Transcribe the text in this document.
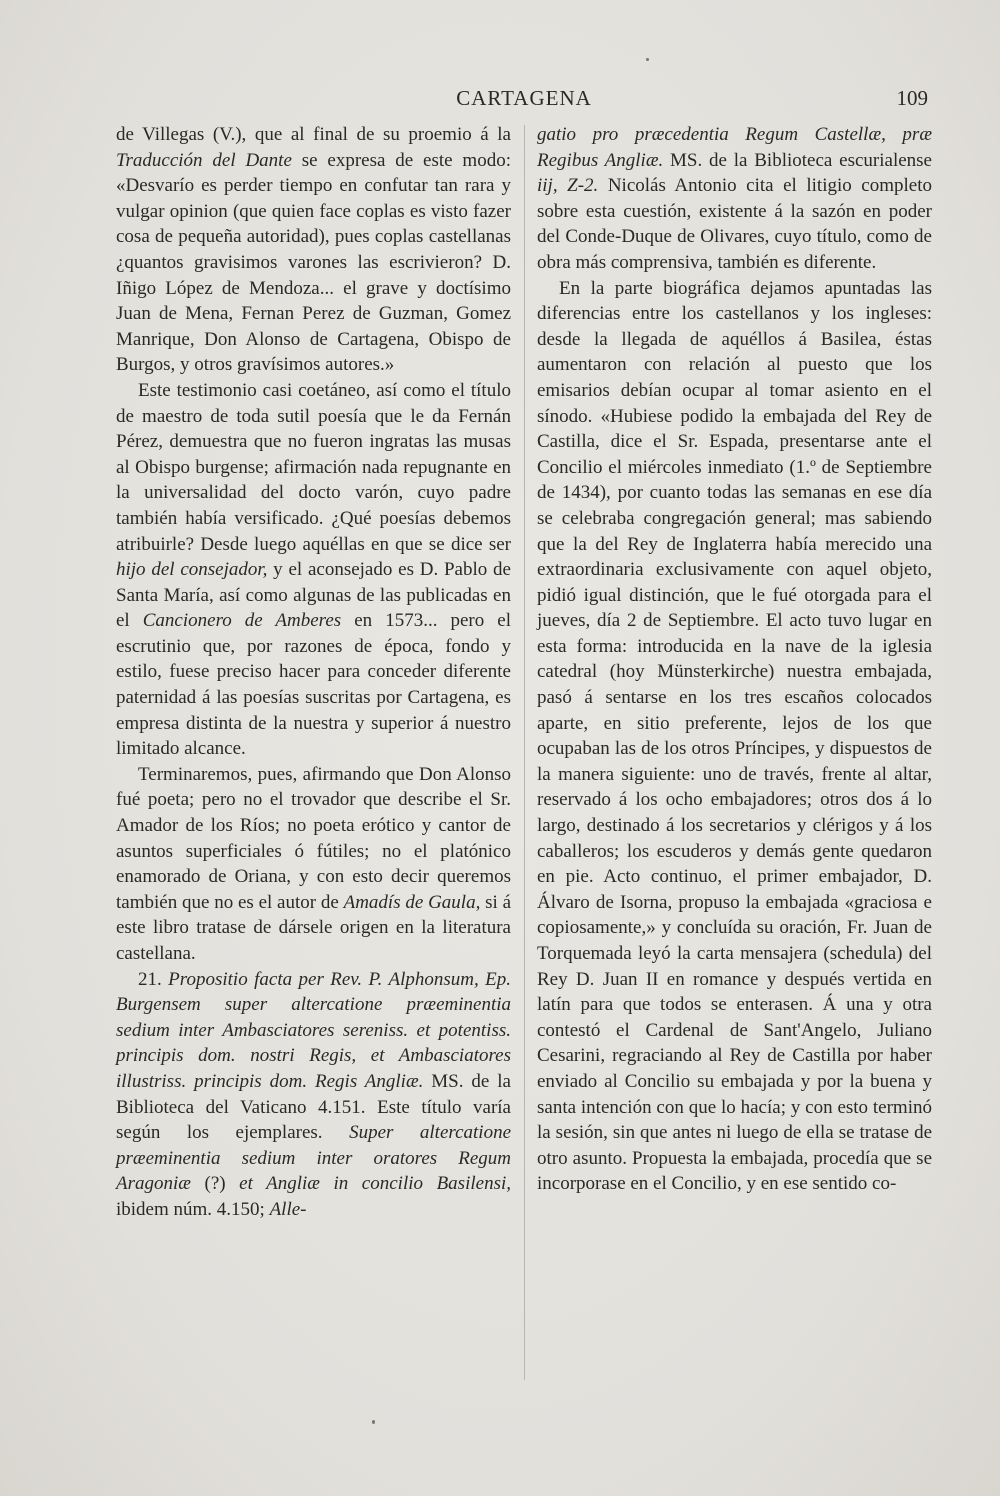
CARTAGENA	109

de Villegas (V.), que al final de su proemio á la Traducción del Dante se expresa de este modo: «Desvarío es perder tiempo en confutar tan rara y vulgar opinion (que quien face coplas es visto fazer cosa de pequeña autoridad), pues coplas castellanas ¿quantos gravisimos varones las escrivieron? D. Iñigo López de Mendoza... el grave y doctísimo Juan de Mena, Fernan Perez de Guzman, Gomez Manrique, Don Alonso de Cartagena, Obispo de Burgos, y otros gravísimos autores.»

Este testimonio casi coetáneo, así como el título de maestro de toda sutil poesía que le da Fernán Pérez, demuestra que no fueron ingratas las musas al Obispo burgense; afirmación nada repugnante en la universalidad del docto varón, cuyo padre también había versificado. ¿Qué poesías debemos atribuirle? Desde luego aquéllas en que se dice ser hijo del consejador, y el aconsejado es D. Pablo de Santa María, así como algunas de las publicadas en el Cancionero de Amberes en 1573... pero el escrutinio que, por razones de época, fondo y estilo, fuese preciso hacer para conceder diferente paternidad á las poesías suscritas por Cartagena, es empresa distinta de la nuestra y superior á nuestro limitado alcance.

Terminaremos, pues, afirmando que Don Alonso fué poeta; pero no el trovador que describe el Sr. Amador de los Ríos; no poeta erótico y cantor de asuntos superficiales ó fútiles; no el platónico enamorado de Oriana, y con esto decir queremos también que no es el autor de Amadís de Gaula, si á este libro tratase de dársele origen en la literatura castellana.

21. Propositio facta per Rev. P. Alphonsum, Ep. Burgensem super altercatione præeminentia sedium inter Ambasciatores sereniss. et potentiss. principis dom. nostri Regis, et Ambasciatores illustriss. principis dom. Regis Angliæ. MS. de la Biblioteca del Vaticano 4.151. Este título varía según los ejemplares. Super altercatione præeminentia sedium inter oratores Regum Aragoniæ (?) et Angliæ in concilio Basilensi, ibidem núm. 4.150; Alle-

gatio pro præcedentia Regum Castellæ, præ Regibus Angliæ. MS. de la Biblioteca escurialense iij, Z-2. Nicolás Antonio cita el litigio completo sobre esta cuestión, existente á la sazón en poder del Conde-Duque de Olivares, cuyo título, como de obra más comprensiva, también es diferente.

En la parte biográfica dejamos apuntadas las diferencias entre los castellanos y los ingleses: desde la llegada de aquéllos á Basilea, éstas aumentaron con relación al puesto que los emisarios debían ocupar al tomar asiento en el sínodo. «Hubiese podido la embajada del Rey de Castilla, dice el Sr. Espada, presentarse ante el Concilio el miércoles inmediato (1.º de Septiembre de 1434), por cuanto todas las semanas en ese día se celebraba congregación general; mas sabiendo que la del Rey de Inglaterra había merecido una extraordinaria exclusivamente con aquel objeto, pidió igual distinción, que le fué otorgada para el jueves, día 2 de Septiembre. El acto tuvo lugar en esta forma: introducida en la nave de la iglesia catedral (hoy Münsterkirche) nuestra embajada, pasó á sentarse en los tres escaños colocados aparte, en sitio preferente, lejos de los que ocupaban las de los otros Príncipes, y dispuestos de la manera siguiente: uno de través, frente al altar, reservado á los ocho embajadores; otros dos á lo largo, destinado á los secretarios y clérigos y á los caballeros; los escuderos y demás gente quedaron en pie. Acto continuo, el primer embajador, D. Álvaro de Isorna, propuso la embajada «graciosa e copiosamente,» y concluída su oración, Fr. Juan de Torquemada leyó la carta mensajera (schedula) del Rey D. Juan II en romance y después vertida en latín para que todos se enterasen. Á una y otra contestó el Cardenal de Sant'Angelo, Juliano Cesarini, regraciando al Rey de Castilla por haber enviado al Concilio su embajada y por la buena y santa intención con que lo hacía; y con esto terminó la sesión, sin que antes ni luego de ella se tratase de otro asunto. Propuesta la embajada, procedía que se incorporase en el Concilio, y en ese sentido co-
